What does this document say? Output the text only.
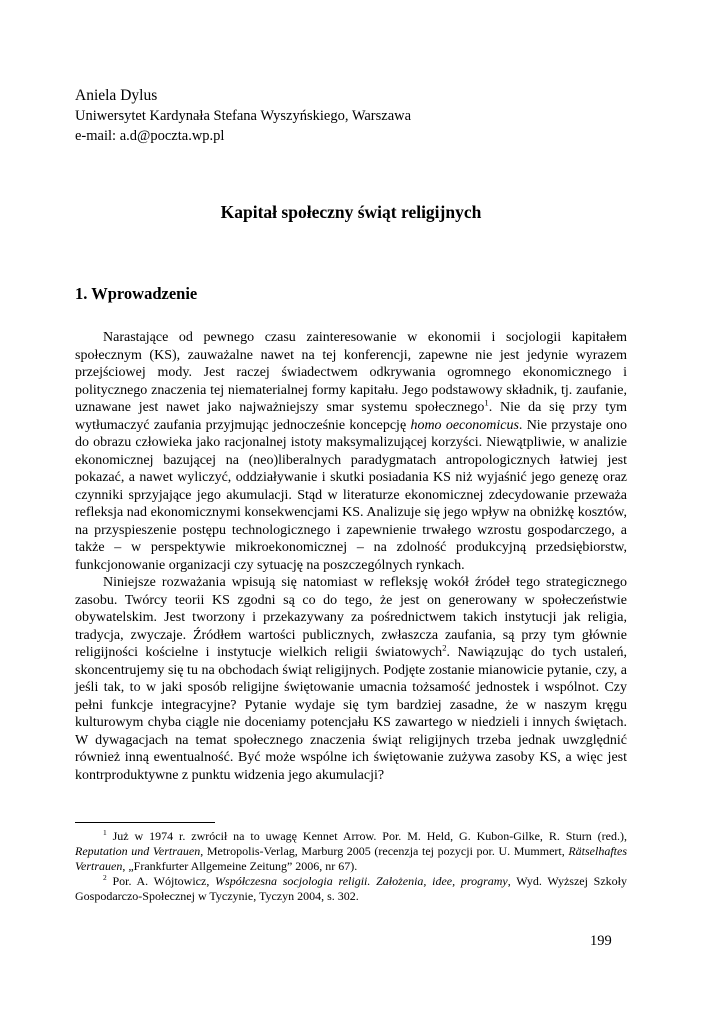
Aniela Dylus
Uniwersytet Kardynała Stefana Wyszyńskiego, Warszawa
e-mail: a.d@poczta.wp.pl
Kapitał społeczny świąt religijnych
1. Wprowadzenie

Narastające od pewnego czasu zainteresowanie w ekonomii i socjologii kapitałem społecznym (KS), zauważalne nawet na tej konferencji, zapewne nie jest jedynie wyrazem przejściowej mody. Jest raczej świadectwem odkrywania ogromnego ekonomicznego i politycznego znaczenia tej niematerialnej formy kapitału. Jego podstawowy składnik, tj. zaufanie, uznawane jest nawet jako najważniejszy smar systemu społecznego$^1$. Nie da się przy tym wytłumaczyć zaufania przyjmując jednocześnie koncepcję homo oeconomicus. Nie przystaje ono do obrazu człowieka jako racjonalnej istoty maksymalizującej korzyści. Niewątpliwie, w analizie ekonomicznej bazującej na (neo)liberalnych paradygmatach antropologicznych łatwiej jest pokazać, a nawet wyliczyć, oddziaływanie i skutki posiadania KS niż wyjaśnić jego genezę oraz czynniki sprzyjające jego akumulacji. Stąd w literaturze ekonomicznej zdecydowanie przeważa refleksja nad ekonomicznymi konsekwencjami KS. Analizuje się jego wpływ na obniżkę kosztów, na przyspieszenie postępu technologicznego i zapewnienie trwałego wzrostu gospodarczego, a także – w perspektywie mikroekonomicznej – na zdolność produkcyjną przedsiębiorstw, funkcjonowanie organizacji czy sytuację na poszczególnych rynkach.

Niniejsze rozważania wpisują się natomiast w refleksję wokół źródeł tego strategicznego zasobu. Twórcy teorii KS zgodni są co do tego, że jest on generowany w społeczeństwie obywatelskim. Jest tworzony i przekazywany za pośrednictwem takich instytucji jak religia, tradycja, zwyczaje. Źródłem wartości publicznych, zwłaszcza zaufania, są przy tym głównie religijności kościelne i instytucje wielkich religii światowych$^2$. Nawiązując do tych ustaleń, skoncentrujemy się tu na obchodach świąt religijnych. Podjęte zostanie mianowicie pytanie, czy, a jeśli tak, to w jaki sposób religijne świętowanie umacnia tożsamość jednostek i wspólnot. Czy pełni funkcje integracyjne? Pytanie wydaje się tym bardziej zasadne, że w naszym kręgu kulturowym chyba ciągle nie doceniamy potencjału KS zawartego w niedzieli i innych świętach. W dywagacjach na temat społecznego znaczenia świąt religijnych trzeba jednak uwzględnić również inną ewentualność. Być może wspólne ich świętowanie zużywa zasoby KS, a więc jest kontrproduktywne z punktu widzenia jego akumulacji?

$^1$ Już w 1974 r. zwrócił na to uwagę Kennet Arrow. Por. M. Held, G. Kubon-Gilke, R. Sturn (red.), Reputation und Vertrauen, Metropolis-Verlag, Marburg 2005 (recenzja tej pozycji por. U. Mummert, Rätselhaftes Vertrauen, „Frankfurter Allgemeine Zeitung” 2006, nr 67).

$^2$ Por. A. Wójtowicz, Współczesna socjologia religii. Założenia, idee, programy, Wyd. Wyższej Szkoły Gospodarczo-Społecznej w Tyczynie, Tyczyn 2004, s. 302.

199
